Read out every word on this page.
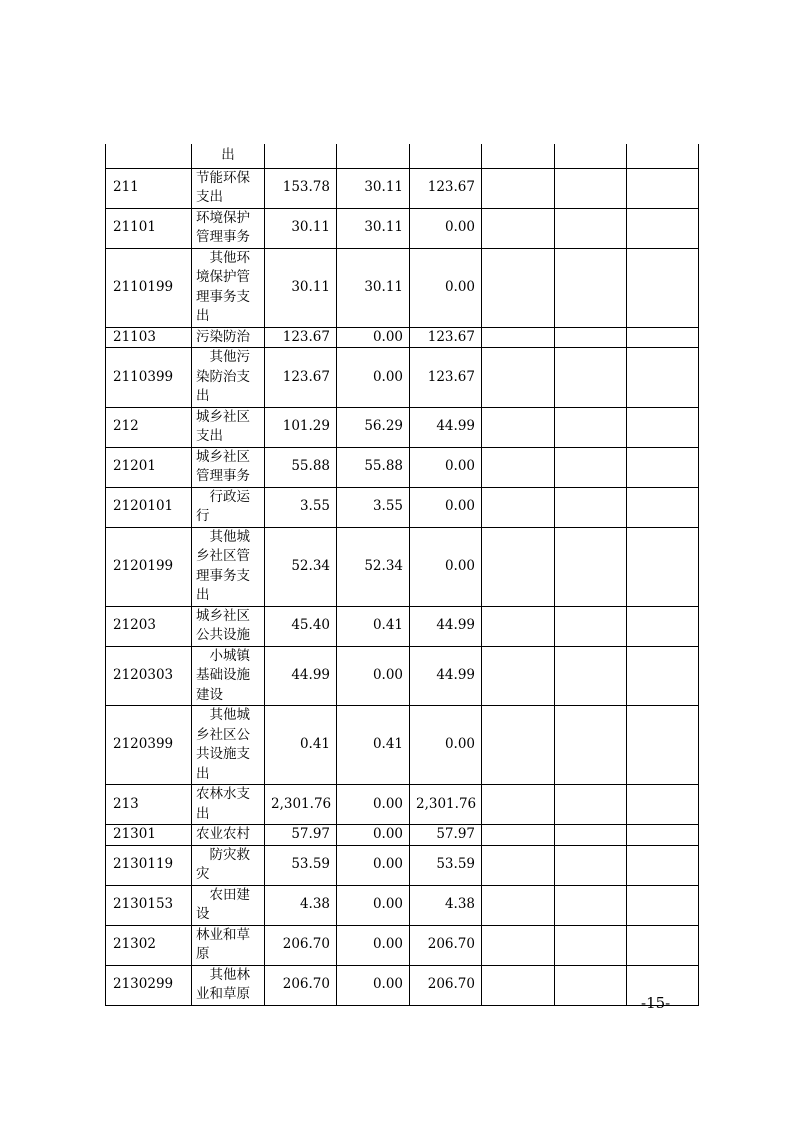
	出						

211	节能环保支出	153.78	30.11	123.67			
21101	环境保护管理事务	30.11	30.11	0.00			
2110199	其他环境保护管理事务支出	30.11	30.11	0.00			
21103	污染防治	123.67	0.00	123.67			
2110399	其他污染防治支出	123.67	0.00	123.67			
212	城乡社区支出	101.29	56.29	44.99			
21201	城乡社区管理事务	55.88	55.88	0.00			
2120101	行政运行	3.55	3.55	0.00			
2120199	其他城乡社区管理事务支出	52.34	52.34	0.00			
21203	城乡社区公共设施	45.40	0.41	44.99			
2120303	小城镇基础设施建设	44.99	0.00	44.99			
2120399	其他城乡社区公共设施支出	0.41	0.41	0.00			
213	农林水支出	2,301.76	0.00	2,301.76			
21301	农业农村	57.97	0.00	57.97			
2130119	防灾救灾	53.59	0.00	53.59			
2130153	农田建设	4.38	0.00	4.38			
21302	林业和草原	206.70	0.00	206.70			
2130299	其他林业和草原	206.70	0.00	206.70			
-15-
